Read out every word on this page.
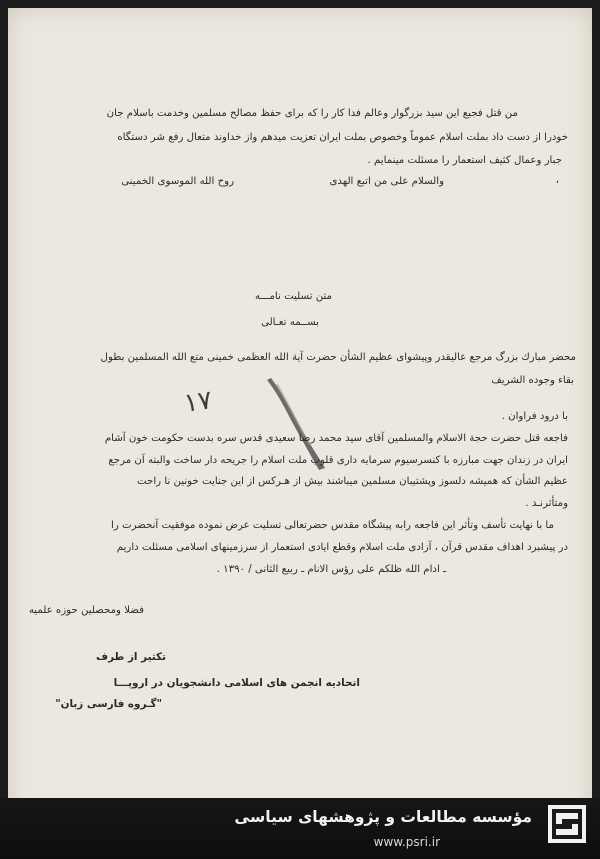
من قتل فجيع اين سيد بزرگوار وعالم فدا كار را كه براى حفظ مصالح مسلمين وخدمت باسلام جان
خودرا از دست داد بملت اسلام عموماً وخصوص بملت ايران تعزيت ميدهم واز خداوند متعال رفع شر دستگاه
جبار وعمال كثيف استعمار را مسئلت مينمايم .
،
والسلام على من اتبع الهدى
روح الله الموسوى الخمينى
متن تسليت نامـــه
بســمه تعـالى
محضر مبارك بزرگ مرجع عاليقدر وپيشواى عظيم الشأن حضرت آية الله العظمى خمينى متع الله المسلمين بطول
بقاء وجوده الشريف
۱۷	با درود فراوان .
فاجعه قتل حضرت حجة الاسلام والمسلمين آقاى سيد محمد رضا سعيدى قدس سره بدست حكومت خون آشام
ايران در زندان جهت مبارزه با كنسرسيوم سرمايه دارى قلوب ملت اسلام را جريحه دار ساخت والبته آن مرجع
عظيم الشأن كه هميشه دلسوز وپشتيبان مسلمين ميباشند بيش از هـركس از اين جنايت خونين نا راحت
ومتأثرنـد .
ما با نهايت تأسف وتأثر اين فاجعه رابه پيشگاه مقدس حضرتعالى تسليت عرض نموده موفقيت آنحضرت را
در پيشبرد اهداف مقدس قرآن ، آزادى ملت اسلام وقطع ايادى استعمار از سرزمينهاى اسلامى مسئلت داريم
ـ ادام الله ظلكم على رؤس الانام ـ ربيع الثانى / ١٣٩٠ .
فضلا ومحصلين حوزه علميه
تكثير از طرف
اتحاديه انجمن هاى اسلامى دانشجويان در اروپـــا
"گـروه فارسى زبان"
مؤسسه مطالعات و پژوهشهای سیاسی
www.psri.ir
